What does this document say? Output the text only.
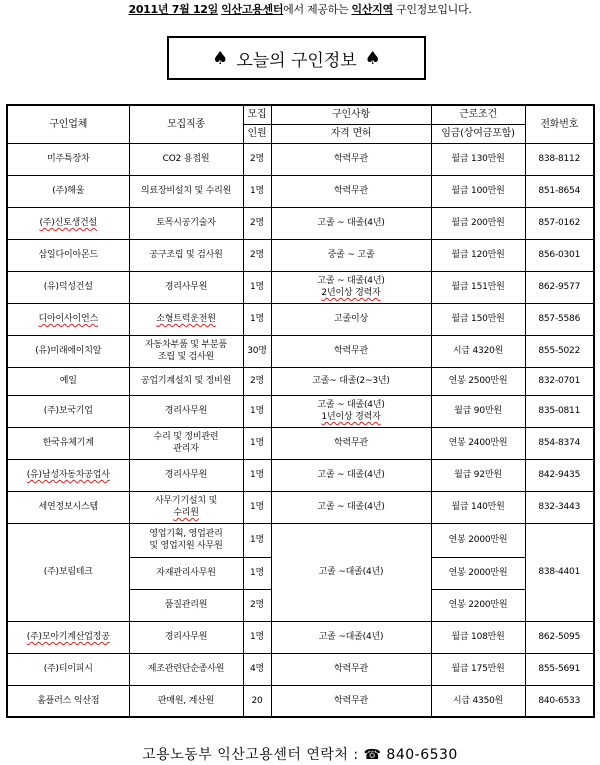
2011년 7월 12일 익산고용센터에서 제공하는 익산지역 구인정보입니다.
♠ 오늘의 구인정보 ♠
구인업체	모집직종	모집	구인사항	근로조건	전화번호
		인원	자격 면허	임금(상여금포함)	
미주특장차	CO2 용접원	2명	학력무관	월급 130만원	838-8112
(주)해울	의료장비설치 및 수리원	1명	학력무관	월급 100만원	851-8654
(주)신토생건설	토목시공기술자	2명	고졸 ~ 대졸(4년)	월급 200만원	857-0162
삼일다이아몬드	공구조립 및 검사원	2명	중졸 ~ 고졸	월급 120만원	856-0301
(유)덕성건설	경리사무원	1명	고졸 ~ 대졸(4년)
2년이상 경력자	월급 151만원	862-9577
디아이사이언스	소형트럭운전원	1명	고졸이상	월급 150만원	857-5586
(유)미래에이치알	자동차부품 및 부분품
조립 및 검사원	30명	학력무관	시급 4320원	855-5022
예일	공업기계설치 및 정비원	2명	고졸~ 대졸(2~3년)	연봉 2500만원	832-0701
(주)보국기업	경리사무원	1명	고졸 ~ 대졸(4년)
1년이상 경력자	월급 90만원	835-0811
한국유체기계	수리 및 정비관련
관리자	1명	학력무관	연봉 2400만원	854-8374
(유)남성자동차공업사	경리사무원	1명	고졸 ~ 대졸(4년)	월급 92만원	842-9435
세연정보시스템	사무기기설치 및
수리원	1명	고졸 ~ 대졸(4년)	월급 140만원	832-3443
(주)보림테크	영업기획, 영업관리
및 영업지원 사무원	1명	고졸 ~대졸(4년)	연봉 2000만원	838-4401
	자재관리사무원	1명		연봉 2000만원	
	품질관리원	2명		연봉 2200만원	
(주)모아기계산업정공	경리사무원	1명	고졸 ~대졸(4년)	월급 108만원	862-5095
(주)티이피시	제조관련단순종사원	4명	학력무관	월급 175만원	855-5691
홈플러스 익산점	판매원, 계산원	20	학력무관	시급 4350원	840-6533
고용노동부 익산고용센터 연락처 : ☎ 840-6530
